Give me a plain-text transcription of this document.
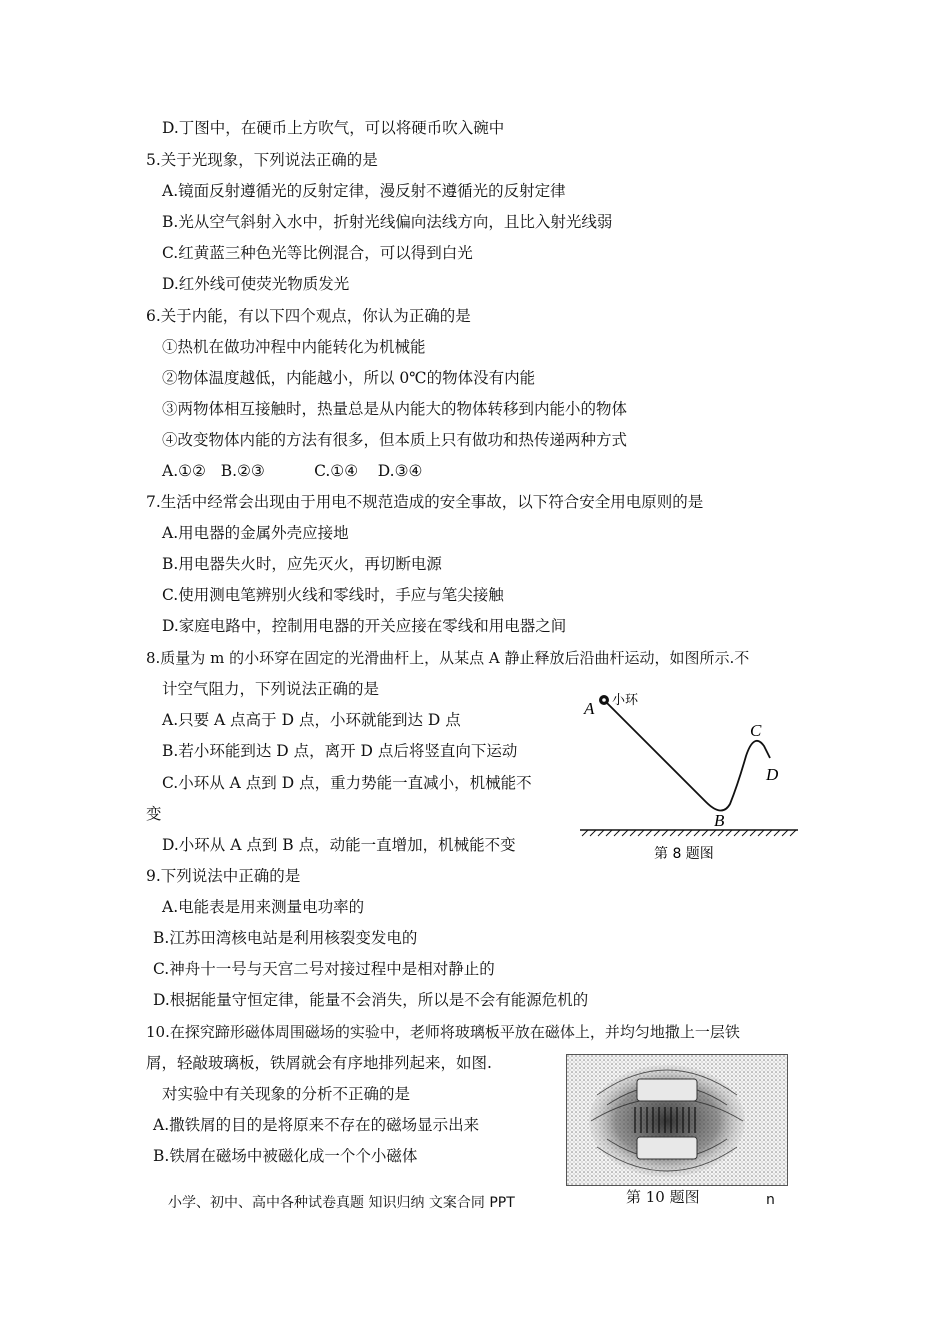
D.丁图中，在硬币上方吹气，可以将硬币吹入碗中
5.关于光现象，下列说法正确的是
A.镜面反射遵循光的反射定律，漫反射不遵循光的反射定律
B.光从空气斜射入水中，折射光线偏向法线方向，且比入射光线弱
C.红黄蓝三种色光等比例混合，可以得到白光
D.红外线可使荧光物质发光
6.关于内能，有以下四个观点，你认为正确的是
①热机在做功冲程中内能转化为机械能
②物体温度越低，内能越小，所以 0℃的物体没有内能
③两物体相互接触时，热量总是从内能大的物体转移到内能小的物体
④改变物体内能的方法有很多，但本质上只有做功和热传递两种方式
A.①②   B.②③          C.①④    D.③④
7.生活中经常会出现由于用电不规范造成的安全事故，以下符合安全用电原则的是
A.用电器的金属外壳应接地
B.用电器失火时，应先灭火，再切断电源
C.使用测电笔辨别火线和零线时，手应与笔尖接触
D.家庭电路中，控制用电器的开关应接在零线和用电器之间
8.质量为 m 的小环穿在固定的光滑曲杆上，从某点 A 静止释放后沿曲杆运动，如图所示.不
计空气阻力，下列说法正确的是
A.只要 A 点高于 D 点，小环就能到达 D 点
B.若小环能到达 D 点，离开 D 点后将竖直向下运动
C.小环从 A 点到 D 点，重力势能一直减小，机械能不
变
D.小环从 A 点到 B 点，动能一直增加，机械能不变
9.下列说法中正确的是
A.电能表是用来测量电功率的
B.江苏田湾核电站是利用核裂变发电的
C.神舟十一号与天宫二号对接过程中是相对静止的
D.根据能量守恒定律，能量不会消失，所以是不会有能源危机的
10.在探究蹄形磁体周围磁场的实验中，老师将玻璃板平放在磁体上，并均匀地撒上一层铁
屑，轻敲玻璃板，铁屑就会有序地排列起来，如图.
对实验中有关现象的分析不正确的是
A.撒铁屑的目的是将原来不存在的磁场显示出来
B.铁屑在磁场中被磁化成一个个小磁体
A 小环
C
D
B
第 8 题图
第 10 题图
小学、初中、高中各种试卷真题 知识归纳 文案合同 PPT	n
